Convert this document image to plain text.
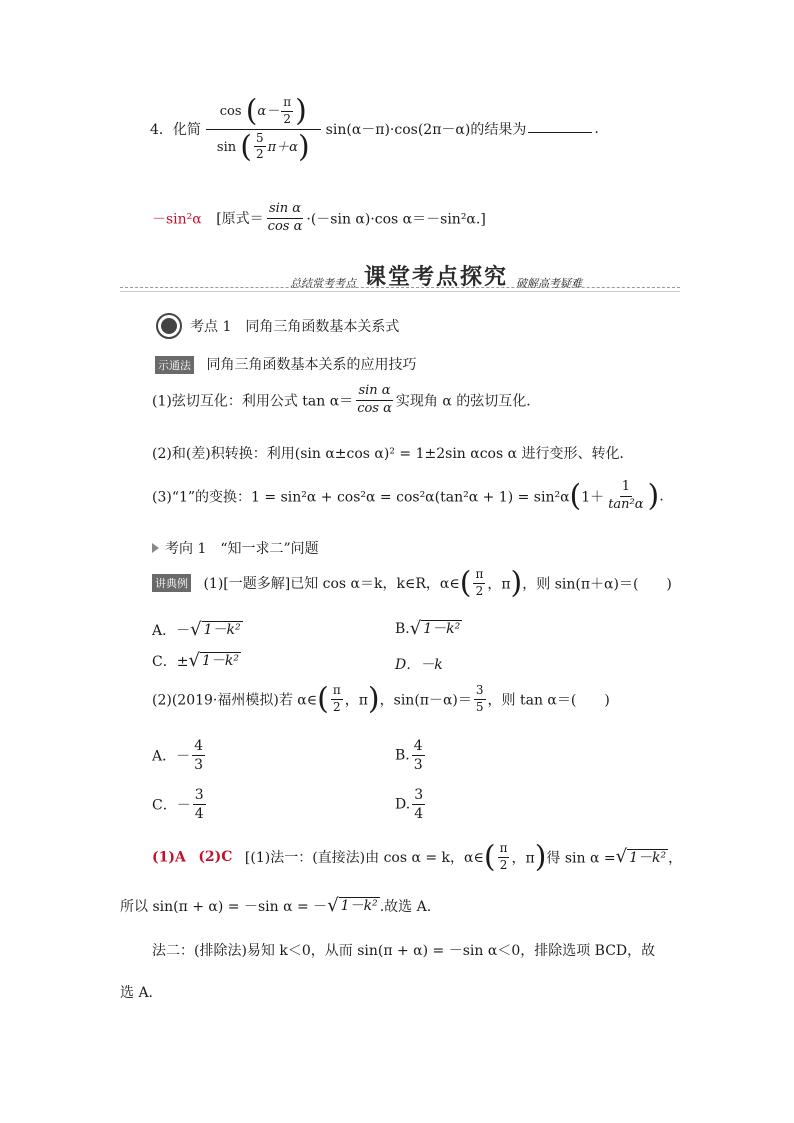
4．化简 $\frac{\cos (\alpha- \frac{\pi}{2} )}{\sin ( \frac{5}{2} \pi+\alpha)} \sin(\alpha-\pi)\cdot\cos(2\pi-\alpha)$的结果为	.
－sin²α [原式＝ $\frac{\text{sin α}}{\text{cos α}} \cdot(-\sin$ α)·cos α＝－sin²α.]
总结常考考点 课堂考点探究 破解高考疑难
考点 1　同角三角函数基本关系式
示通法 同角三角函数基本关系的应用技巧
(1)弦切互化：利用公式 $\tan \alpha= \frac{\text{sin α}}{\text{cos α}}$ 实现角 α 的弦切互化．
(2)和(差)积转换：利用(sin α±cos α)² = 1±2sin αcos α 进行变形、转化．
(3)“1”的变换：$1 = \sin^2\alpha + \cos^2\alpha = \cos^2\alpha(\tan^2\alpha + 1) = \sin^2\alpha(1+ \frac{1}{\text{tan²α}}$ ).
考向 1　“知一求二”问题
讲典例 (1)[一题多解]已知 cos α＝k，k∈R，α∈( $\frac{\pi}{2}$ ，π)，则 sin(π＋α)＝(　　)
A．－ √ 1－k²	B. √ 1－k²
C．± √ 1－k²	D．－k
(2)(2019·福州模拟)若 α∈( $\frac{\pi}{2}$ ，π)，$\sin(\pi-\alpha)= \frac{3}{5}$ ，则 tan α＝(　　)
A．－ $\frac{4}{3}$	B. $\frac{4}{3}$
C．－ $\frac{3}{4}$	D. $\frac{3}{4}$
(1)A (2)C [(1)法一：(直接法)由 cos α = k，α∈( $\frac{\pi}{2}$ ，π)得 sin α = √ 1－k² ，
所以 sin(π + α) = －sin α = － √ 1－k² .故选 A.
法二：(排除法)易知 k＜0，从而 sin(π + α) = －sin α＜0，排除选项 BCD，故
选 A.
